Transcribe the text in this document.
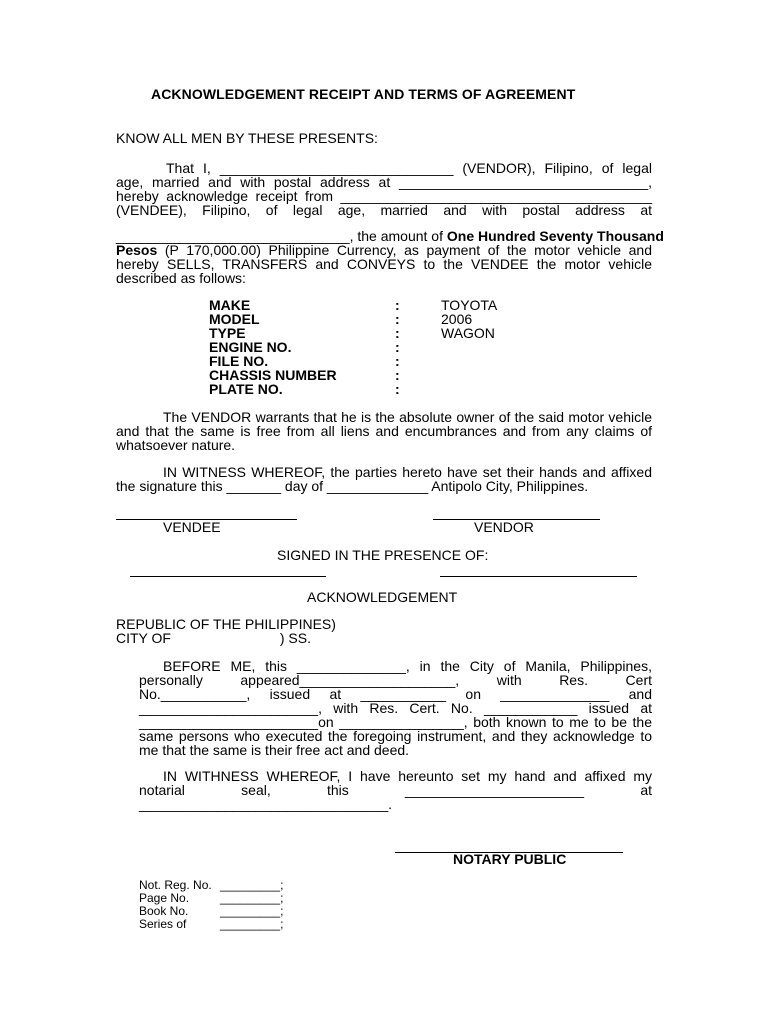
ACKNOWLEDGEMENT RECEIPT AND TERMS OF AGREEMENT
KNOW ALL MEN BY THESE PRESENTS:
That I, ______________________________ (VENDOR), Filipino, of legal
age, married and with postal address at ________________________________,
hereby acknowledge receipt from ________________________________________
(VENDEE), Filipino, of legal age, married and with postal address at
______________________________, the amount of One Hundred Seventy Thousand
Pesos (P 170,000.00) Philippine Currency, as payment of the motor vehicle and
hereby SELLS, TRANSFERS and CONVEYS to the VENDEE the motor vehicle
described as follows:
MAKE
MODEL
TYPE
ENGINE NO.
FILE NO.
CHASSIS NUMBER
PLATE NO.
:
:
:
:
:
:
:
TOYOTA
2006
WAGON
The VENDOR warrants that he is the absolute owner of the said motor vehicle
and that the same is free from all liens and encumbrances and from any claims of
whatsoever nature.
IN WITNESS WHEREOF, the parties hereto have set their hands and affixed
the signature this _______ day of _____________ Antipolo City, Philippines.
VENDEE	VENDOR
SIGNED IN THE PRESENCE OF:
ACKNOWLEDGEMENT
REPUBLIC OF THE PHILIPPINES)
CITY OF                            ) SS.
BEFORE ME, this ______________, in the City of Manila, Philippines,
personally appeared____________________, with Res. Cert
No.___________, issued at ___________ on ______________ and
_______________________, with Res. Cert. No. ____________ issued at
_______________________on ________________, both known to me to be the
same persons who executed the foregoing instrument, and they acknowledge to
me that the same is their free act and deed.
IN WITHNESS WHEREOF, I have hereunto set my hand and affixed my
notarial seal, this _______________________ at
________________________________.
NOTARY PUBLIC
Not. Reg. No.
Page No.
Book No.
Series of
_________;
_________;
_________;
_________;
